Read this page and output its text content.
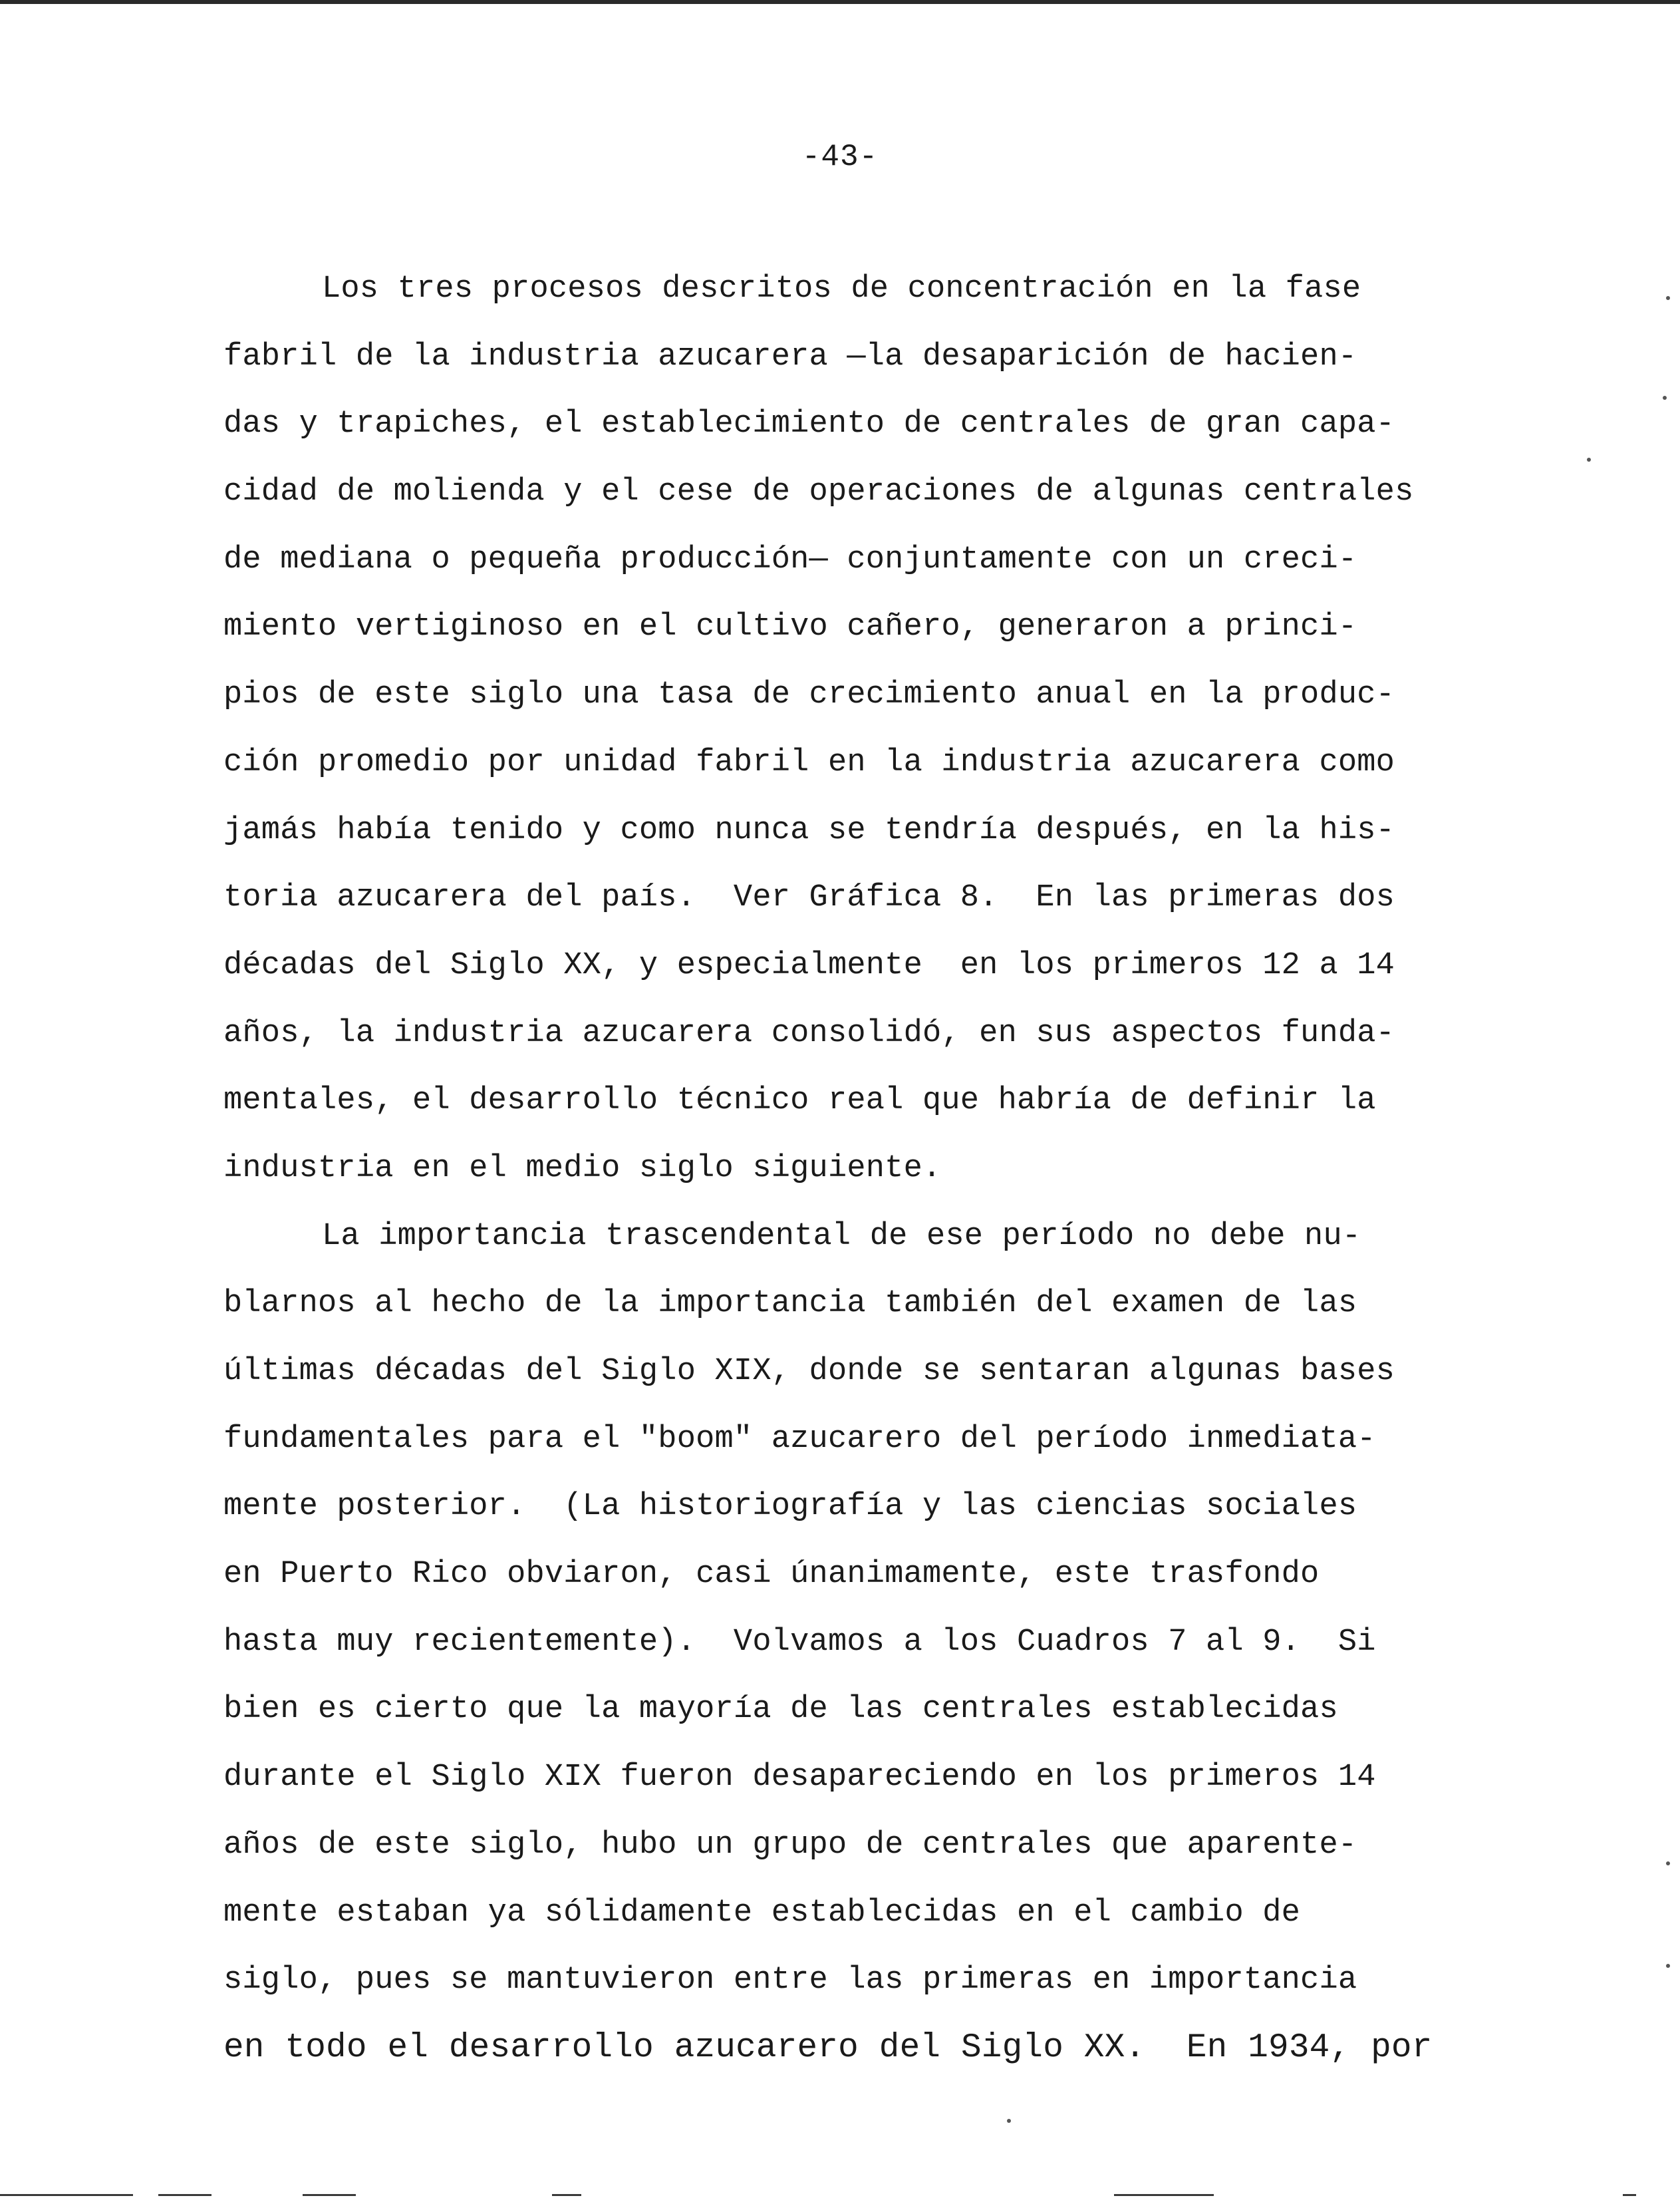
-43-
Los tres procesos descritos de concentración en la fase
fabril de la industria azucarera —la desaparición de hacien-
das y trapiches, el establecimiento de centrales de gran capa-
cidad de molienda y el cese de operaciones de algunas centrales
de mediana o pequeña producción— conjuntamente con un creci-
miento vertiginoso en el cultivo cañero, generaron a princi-
pios de este siglo una tasa de crecimiento anual en la produc-
ción promedio por unidad fabril en la industria azucarera como
jamás había tenido y como nunca se tendría después, en la his-
toria azucarera del país.  Ver Gráfica 8.  En las primeras dos
décadas del Siglo XX, y especialmente  en los primeros 12 a 14
años, la industria azucarera consolidó, en sus aspectos funda-
mentales, el desarrollo técnico real que habría de definir la
industria en el medio siglo siguiente.
La importancia trascendental de ese período no debe nu-
blarnos al hecho de la importancia también del examen de las
últimas décadas del Siglo XIX, donde se sentaran algunas bases
fundamentales para el "boom" azucarero del período inmediata-
mente posterior.  (La historiografía y las ciencias sociales
en Puerto Rico obviaron, casi únanimamente, este trasfondo
hasta muy recientemente).  Volvamos a los Cuadros 7 al 9.  Si
bien es cierto que la mayoría de las centrales establecidas
durante el Siglo XIX fueron desapareciendo en los primeros 14
años de este siglo, hubo un grupo de centrales que aparente-
mente estaban ya sólidamente establecidas en el cambio de
siglo, pues se mantuvieron entre las primeras en importancia
en todo el desarrollo azucarero del Siglo XX.  En 1934, por
